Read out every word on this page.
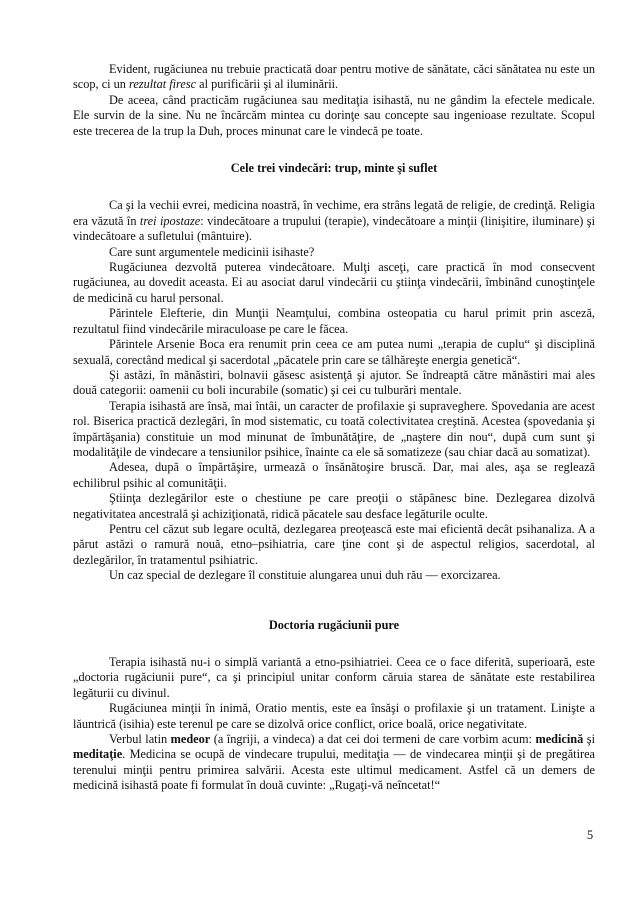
Evident, rugăciunea nu trebuie practicată doar pentru motive de sănătate, căci sănătatea nu este un scop, ci un rezultat firesc al purificării şi al iluminării.

De aceea, când practicăm rugăciunea sau meditaţia isihastă, nu ne gândim la efectele medicale. Ele survin de la sine. Nu ne încărcăm mintea cu dorinţe sau concepte sau ingenioase rezultate. Scopul este trecerea de la trup la Duh, proces minunat care le vindecă pe toate.

Cele trei vindecări: trup, minte şi suflet

Ca şi la vechii evrei, medicina noastră, în vechime, era strâns legată de religie, de credinţă. Religia era văzută în trei ipostaze: vindecătoare a trupului (terapie), vindecătoare a minţii (linişitire, iluminare) şi vindecătoare a sufletului (mântuire).

Care sunt argumentele medicinii isihaste?

Rugăciunea dezvoltă puterea vindecătoare. Mulţi asceţi, care practică în mod consecvent rugăciunea, au dovedit aceasta. Ei au asociat darul vindecării cu ştiinţa vindecării, îmbinând cunoştinţele de medicină cu harul personal.

Părintele Elefterie, din Munţii Neamţului, combina osteopatia cu harul primit prin asceză, rezultatul fiind vindecările miraculoase pe care le făcea.

Părintele Arsenie Boca era renumit prin ceea ce am putea numi „terapia de cuplu“ şi disciplină sexuală, corectând medical şi sacerdotal „păcatele prin care se tâlhăreşte energia genetică“.

Şi astăzi, în mănăstiri, bolnavii găsesc asistenţă şi ajutor. Se îndreaptă către mănăstiri mai ales două categorii: oamenii cu boli incurabile (somatic) şi cei cu tulburări mentale.

Terapia isihastă are însă, mai întâi, un caracter de profilaxie şi supraveghere. Spovedania are acest rol. Biserica practică dezlegări, în mod sistematic, cu toată colectivitatea creştină. Acestea (spovedania şi împărtăşania) constituie un mod minunat de îmbunătăţire, de „naştere din nou“, după cum sunt şi modalităţile de vindecare a tensiunilor psihice, înainte ca ele să somatizeze (sau chiar dacă au somatizat).

Adesea, după o împărtăşire, urmează o însănătoşire bruscă. Dar, mai ales, aşa se reglează echilibrul psihic al comunităţii.

Ştiinţa dezlegărilor este o chestiune pe care preoţii o stăpânesc bine. Dezlegarea dizolvă negativitatea ancestrală şi achiziţionată, ridică păcatele sau desface legăturile oculte.

Pentru cel căzut sub legare ocultă, dezlegarea preoţească este mai eficientă decât psihanaliza. A a părut astăzi o ramură nouă, etno–psihiatria, care ţine cont şi de aspectul religios, sacerdotal, al dezlegărilor, în tratamentul psihiatric.

Un caz special de dezlegare îl constituie alungarea unui duh rău — exorcizarea.

Doctoria rugăciunii pure

Terapia isihastă nu-i o simplă variantă a etno-psihiatriei. Ceea ce o face diferită, superioară, este „doctoria rugăciunii pure“, ca şi principiul unitar conform căruia starea de sănătate este restabilirea legăturii cu divinul.

Rugăciunea minţii în inimă, Oratio mentis, este ea însăşi o profilaxie şi un tratament. Linişte a lăuntrică (isihia) este terenul pe care se dizolvă orice conflict, orice boală, orice negativitate.

Verbul latin medeor (a îngriji, a vindeca) a dat cei doi termeni de care vorbim acum: medicină şi meditaţie. Medicina se ocupă de vindecare trupului, meditaţia — de vindecarea minţii şi de pregătirea terenului minţii pentru primirea salvării. Acesta este ultimul medicament. Astfel că un demers de medicină isihastă poate fi formulat în două cuvinte: „Rugaţi-vă neîncetat!“

5
